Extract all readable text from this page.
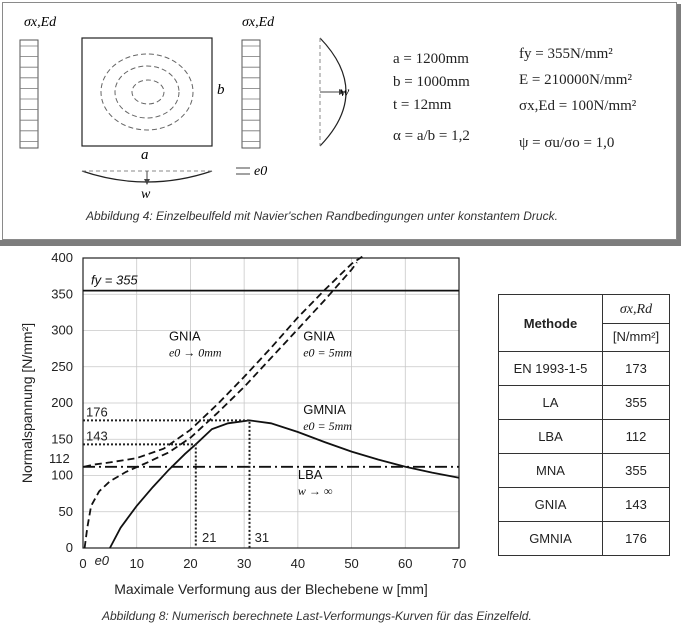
σx,Ed
a
b
σx,Ed
w
w
e0
a = 1200mm
b = 1000mm
t = 12mm
α = a/b = 1,2
fy = 355N/mm²
E = 210000N/mm²
σx,Ed = 100N/mm²
ψ = σu/σo = 1,0
Abbildung 4: Einzelbeulfeld mit Navier'schen Randbedingungen unter konstantem Druck.
0	10	20	30	40	50	60	70
0
50
100
150
200
250
300
350
400
Maximale Verformung aus der Blechebene w [mm]
Normalspannung [N/mm²]
e0
21	31
176
143
112
fy = 355
GNIA
e0 → 0mm
GNIA
e0 = 5mm
GMNIA
e0 = 5mm
LBA
w → ∞
Methode	σx,Rd
[N/mm²]

EN 1993-1-5	173
LA	355
LBA	112
MNA	355
GNIA	143
GMNIA	176
Abbildung 8: Numerisch berechnete Last-Verformungs-Kurven für das Einzelfeld.
